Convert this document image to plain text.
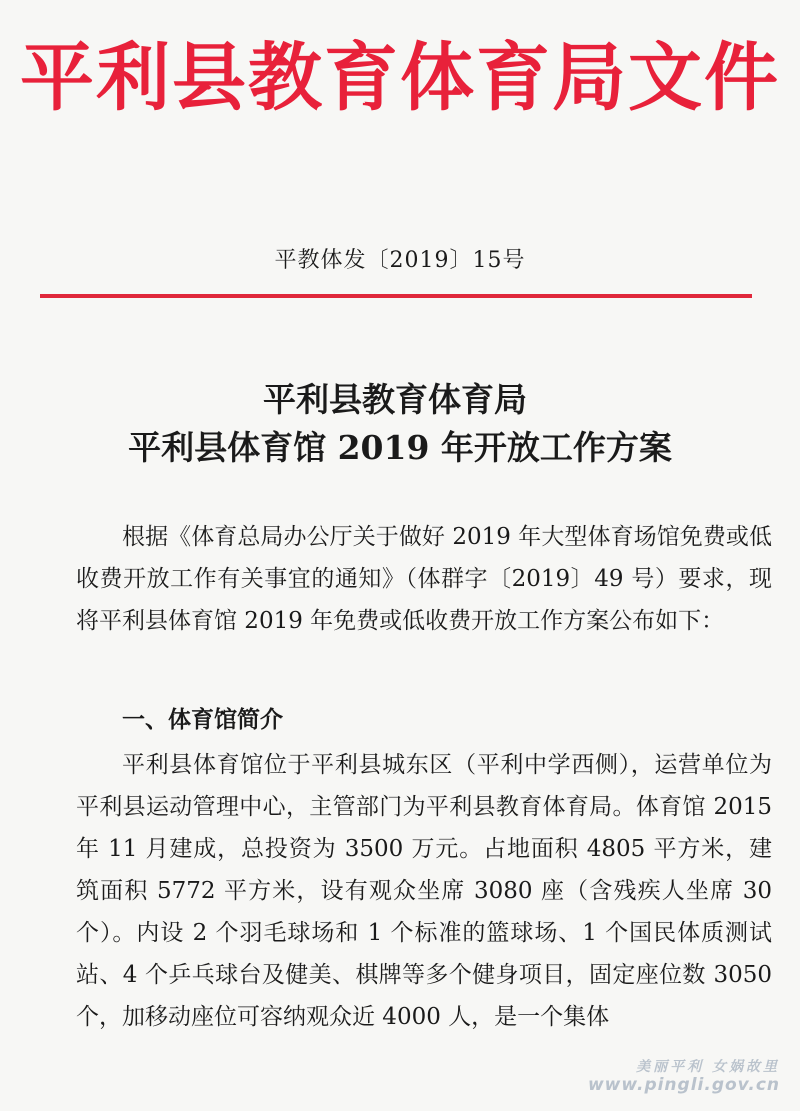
平利县教育体育局文件
平教体发〔2019〕15号
平利县教育体育局
平利县体育馆 2019 年开放工作方案
根据《体育总局办公厅关于做好 2019 年大型体育场馆免费或低收费开放工作有关事宜的通知》（体群字〔2019〕49 号）要求，现将平利县体育馆 2019 年免费或低收费开放工作方案公布如下：
一、体育馆简介
平利县体育馆位于平利县城东区（平利中学西侧），运营单位为平利县运动管理中心，主管部门为平利县教育体育局。体育馆 2015 年 11 月建成，总投资为 3500 万元。占地面积 4805 平方米，建筑面积 5772 平方米，设有观众坐席 3080 座（含残疾人坐席 30 个）。内设 2 个羽毛球场和 1 个标准的篮球场、1 个国民体质测试站、4 个乒乓球台及健美、棋牌等多个健身项目，固定座位数 3050 个，加移动座位可容纳观众近 4000 人，是一个集体
美丽平利 女娲故里
www.pingli.gov.cn
